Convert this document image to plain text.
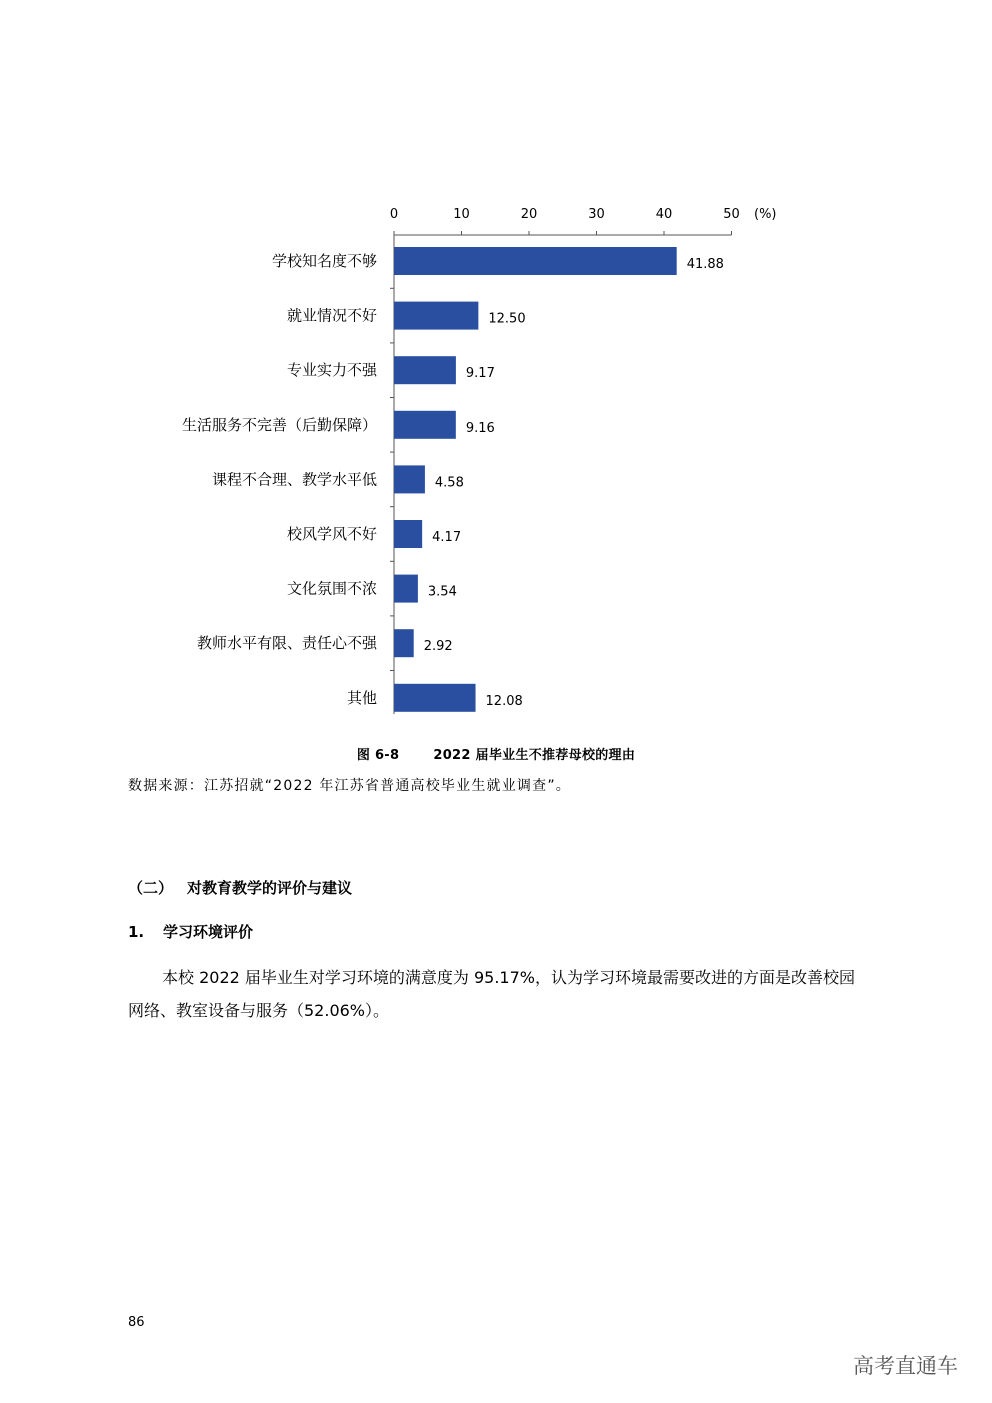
0	10	20	30	40	50 (%)
学校知名度不够	41.88
就业情况不好	12.50
专业实力不强	9.17
生活服务不完善（后勤保障）	9.16
课程不合理、教学水平低	4.58
校风学风不好	4.17
文化氛围不浓	3.54
教师水平有限、责任心不强	2.92
其他	12.08
图 6-8	2022 届毕业生不推荐母校的理由
数据来源：江苏招就“2022 年江苏省普通高校毕业生就业调查”。
（二） 对教育教学的评价与建议
1. 学习环境评价
本校 2022 届毕业生对学习环境的满意度为 95.17%，认为学习环境最需要改进的方面是改善校园网络、教室设备与服务（52.06%）。
86
高考直通车
